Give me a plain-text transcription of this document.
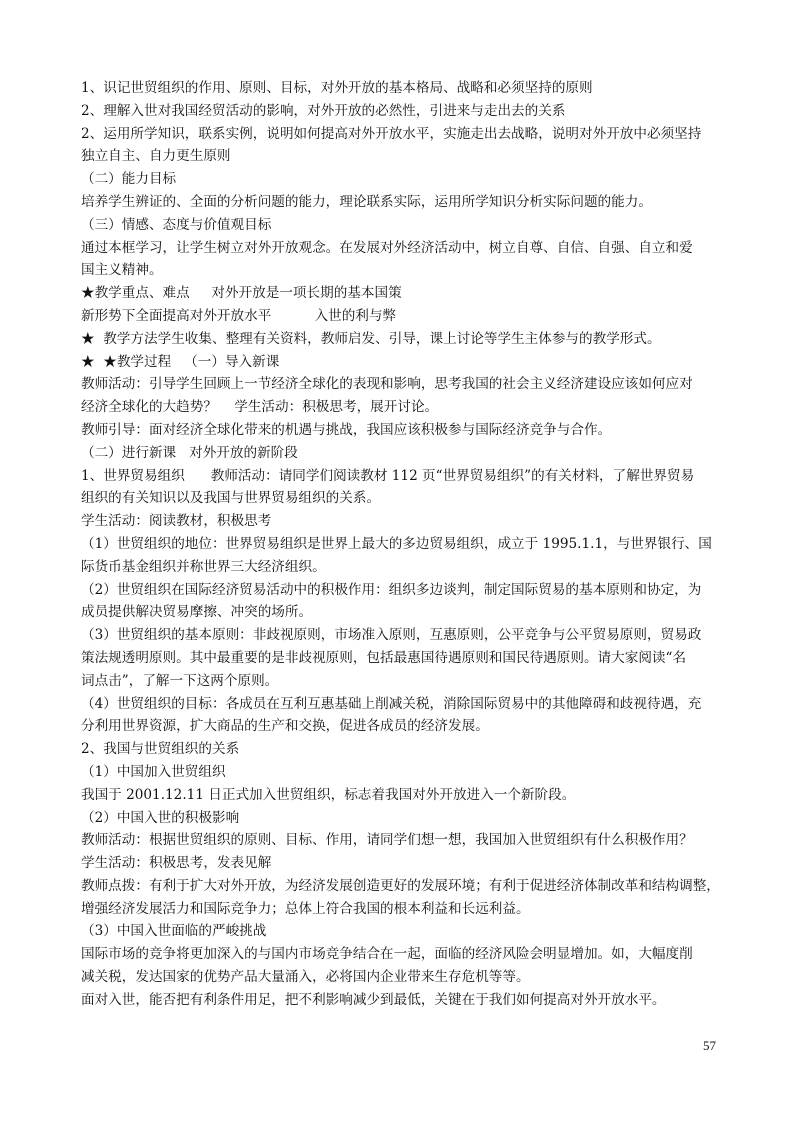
1、识记世贸组织的作用、原则、目标，对外开放的基本格局、战略和必须坚持的原则
2、理解入世对我国经贸活动的影响，对外开放的必然性，引进来与走出去的关系
2、运用所学知识，联系实例，说明如何提高对外开放水平，实施走出去战略，说明对外开放中必须坚持
独立自主、自力更生原则
（二）能力目标
培养学生辨证的、全面的分析问题的能力，理论联系实际，运用所学知识分析实际问题的能力。
（三）情感、态度与价值观目标
通过本框学习，让学生树立对外开放观念。在发展对外经济活动中，树立自尊、自信、自强、自立和爱
国主义精神。
★教学重点、难点     对外开放是一项长期的基本国策
新形势下全面提高对外开放水平          入世的利与弊
★  教学方法学生收集、整理有关资料，教师启发、引导，课上讨论等学生主体参与的教学形式。
★  ★教学过程   （一）导入新课
教师活动：引导学生回顾上一节经济全球化的表现和影响，思考我国的社会主义经济建设应该如何应对
经济全球化的大趋势？    学生活动：积极思考，展开讨论。
教师引导：面对经济全球化带来的机遇与挑战，我国应该积极参与国际经济竞争与合作。
（二）进行新课   对外开放的新阶段
1、世界贸易组织      教师活动：请同学们阅读教材 112 页“世界贸易组织”的有关材料，了解世界贸易
组织的有关知识以及我国与世界贸易组织的关系。
学生活动：阅读教材，积极思考
（1）世贸组织的地位：世界贸易组织是世界上最大的多边贸易组织，成立于 1995.1.1，与世界银行、国
际货币基金组织并称世界三大经济组织。
（2）世贸组织在国际经济贸易活动中的积极作用：组织多边谈判，制定国际贸易的基本原则和协定，为
成员提供解决贸易摩擦、冲突的场所。
（3）世贸组织的基本原则：非歧视原则，市场准入原则，互惠原则，公平竞争与公平贸易原则，贸易政
策法规透明原则。其中最重要的是非歧视原则，包括最惠国待遇原则和国民待遇原则。请大家阅读“名
词点击”，了解一下这两个原则。
（4）世贸组织的目标：各成员在互利互惠基础上削减关税，消除国际贸易中的其他障碍和歧视待遇，充
分利用世界资源，扩大商品的生产和交换，促进各成员的经济发展。
2、我国与世贸组织的关系
（1）中国加入世贸组织
我国于 2001.12.11 日正式加入世贸组织，标志着我国对外开放进入一个新阶段。
（2）中国入世的积极影响
教师活动：根据世贸组织的原则、目标、作用，请同学们想一想，我国加入世贸组织有什么积极作用？
学生活动：积极思考，发表见解
教师点拨：有利于扩大对外开放，为经济发展创造更好的发展环境；有利于促进经济体制改革和结构调整，
增强经济发展活力和国际竞争力；总体上符合我国的根本利益和长远利益。
（3）中国入世面临的严峻挑战
国际市场的竞争将更加深入的与国内市场竞争结合在一起，面临的经济风险会明显增加。如，大幅度削
减关税，发达国家的优势产品大量涌入，必将国内企业带来生存危机等等。
面对入世，能否把有利条件用足，把不利影响减少到最低，关键在于我们如何提高对外开放水平。
57
